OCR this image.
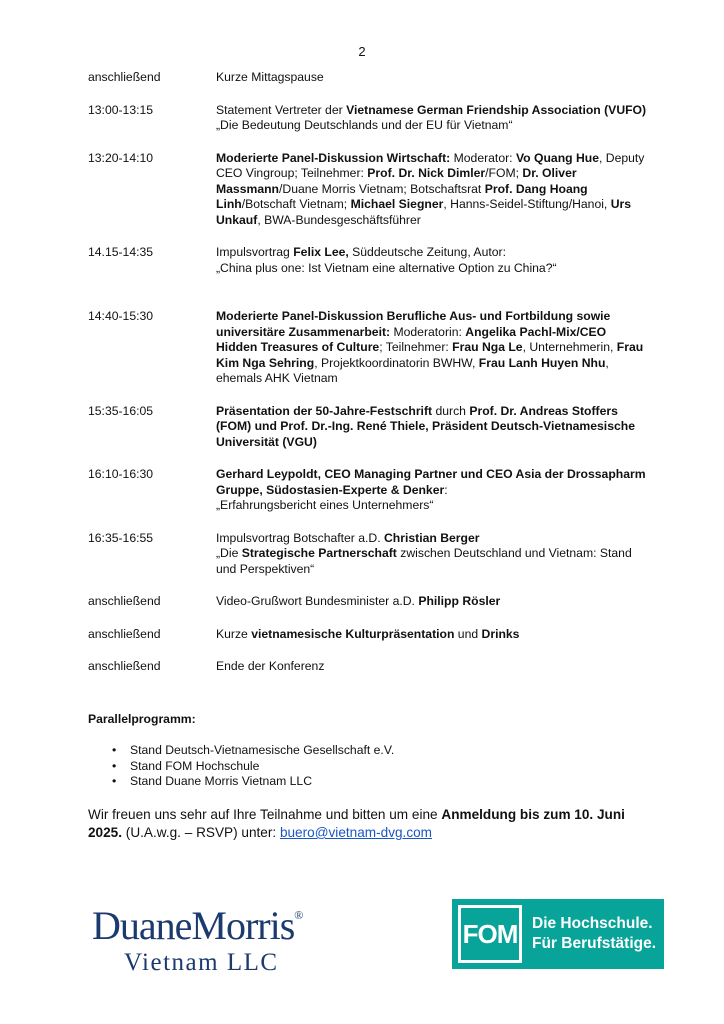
2
anschließend	Kurze Mittagspause
13:00-13:15	Statement Vertreter der Vietnamese German Friendship Association (VUFO)
„Die Bedeutung Deutschlands und der EU für Vietnam“
13:20-14:10	Moderierte Panel-Diskussion Wirtschaft: Moderator: Vo Quang Hue, Deputy CEO Vingroup; Teilnehmer: Prof. Dr. Nick Dimler/FOM; Dr. Oliver Massmann/Duane Morris Vietnam; Botschaftsrat Prof. Dang Hoang Linh/Botschaft Vietnam; Michael Siegner, Hanns-Seidel-Stiftung/Hanoi, Urs Unkauf, BWA-Bundesgeschäftsführer
14.15-14:35	Impulsvortrag Felix Lee, Süddeutsche Zeitung, Autor:
„China plus one: Ist Vietnam eine alternative Option zu China?“
14:40-15:30	Moderierte Panel-Diskussion Berufliche Aus- und Fortbildung sowie universitäre Zusammenarbeit: Moderatorin: Angelika Pachl-Mix/CEO Hidden Treasures of Culture; Teilnehmer: Frau Nga Le, Unternehmerin, Frau Kim Nga Sehring, Projektkoordinatorin BWHW, Frau Lanh Huyen Nhu, ehemals AHK Vietnam
15:35-16:05	Präsentation der 50-Jahre-Festschrift durch Prof. Dr. Andreas Stoffers (FOM) und Prof. Dr.-Ing. René Thiele, Präsident Deutsch-Vietnamesische Universität (VGU)
16:10-16:30	Gerhard Leypoldt, CEO Managing Partner und CEO Asia der Drossapharm Gruppe, Südostasien-Experte & Denker:
„Erfahrungsbericht eines Unternehmers“
16:35-16:55	Impulsvortrag Botschafter a.D. Christian Berger
„Die Strategische Partnerschaft zwischen Deutschland und Vietnam: Stand und Perspektiven“
anschließend	Video-Grußwort Bundesminister a.D. Philipp Rösler
anschließend	Kurze vietnamesische Kulturpräsentation und Drinks
anschließend	Ende der Konferenz
Parallelprogramm:
• Stand Deutsch-Vietnamesische Gesellschaft e.V.
• Stand FOM Hochschule
• Stand Duane Morris Vietnam LLC
Wir freuen uns sehr auf Ihre Teilnahme und bitten um eine Anmeldung bis zum 10. Juni 2025. (U.A.w.g. – RSVP) unter: buero@vietnam-dvg.com
DuaneMorris®
Vietnam LLC
FOM Die Hochschule.
Für Berufstätige.
